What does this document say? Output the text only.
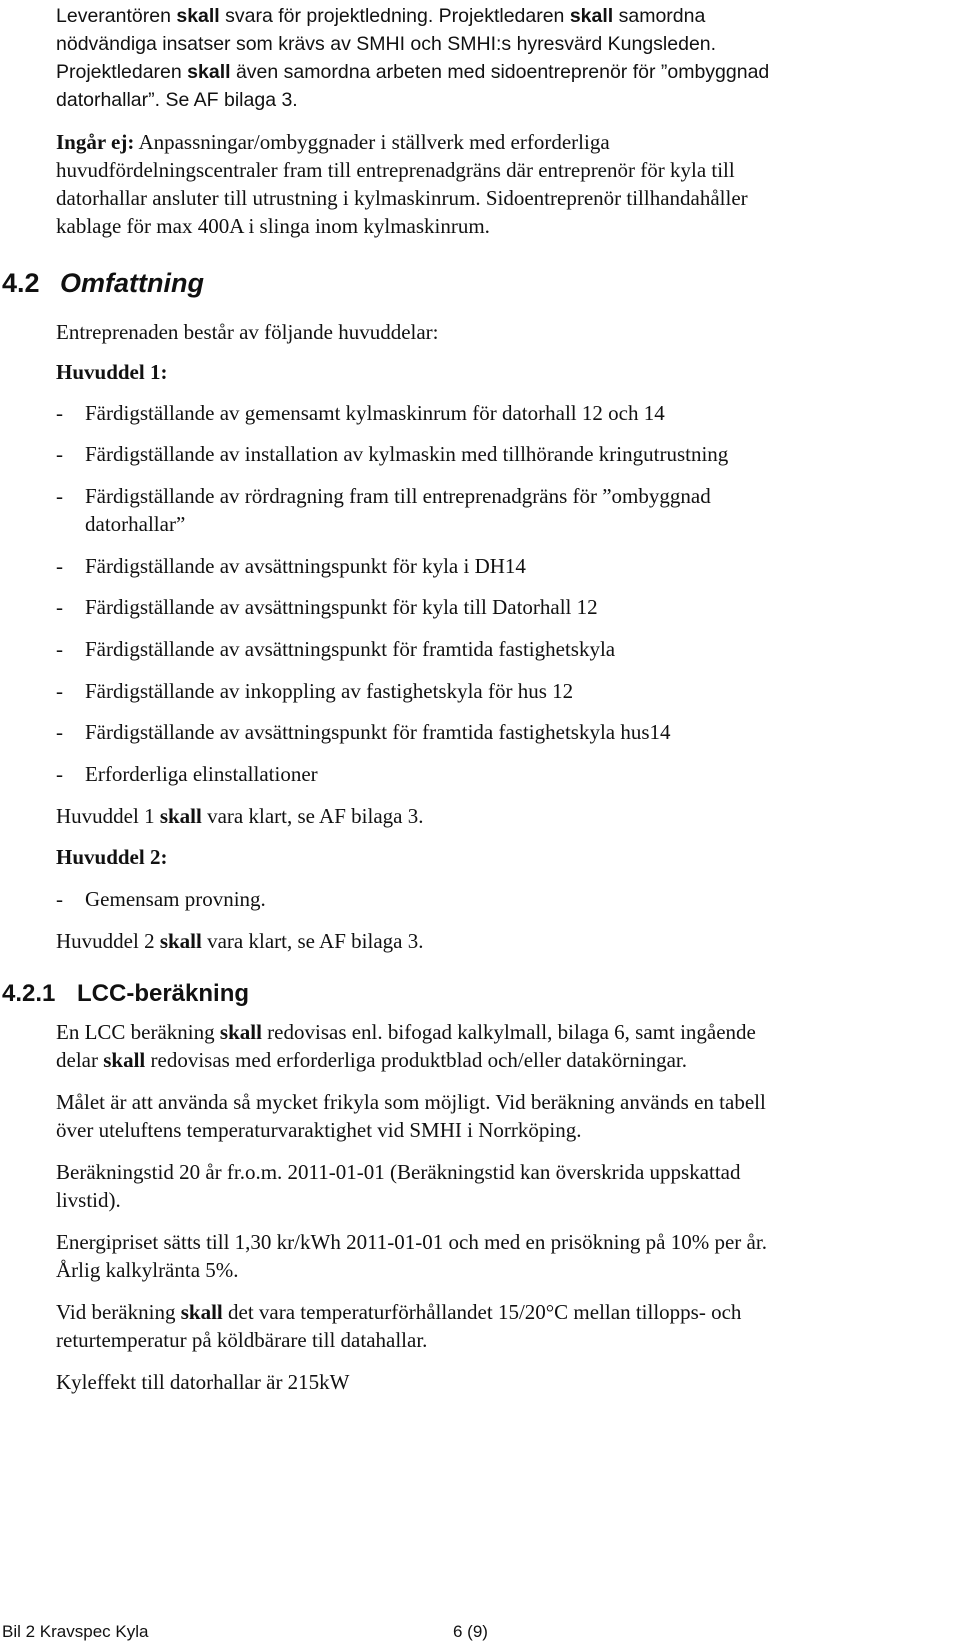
Leverantören skall svara för projektledning. Projektledaren skall samordna

nödvändiga insatser som krävs av SMHI och SMHI:s hyresvärd Kungsleden.

Projektledaren skall även samordna arbeten med sidoentreprenör för ”ombyggnad

datorhallar”. Se AF bilaga 3.

Ingår ej: Anpassningar/ombyggnader i ställverk med erforderliga

huvudfördelningscentraler fram till entreprenadgräns där entreprenör för kyla till

datorhallar ansluter till utrustning i kylmaskinrum. Sidoentreprenör tillhandahåller

kablage för max 400A i slinga inom kylmaskinrum.

4.2 Omfattning

Entreprenaden består av följande huvuddelar:

Huvuddel 1:

- Färdigställande av gemensamt kylmaskinrum för datorhall 12 och 14

- Färdigställande av installation av kylmaskin med tillhörande kringutrustning

- Färdigställande av rördragning fram till entreprenadgräns för ”ombyggnad

datorhallar”

- Färdigställande av avsättningspunkt för kyla i DH14

- Färdigställande av avsättningspunkt för kyla till Datorhall 12

- Färdigställande av avsättningspunkt för framtida fastighetskyla

- Färdigställande av inkoppling av fastighetskyla för hus 12

- Färdigställande av avsättningspunkt för framtida fastighetskyla hus14

- Erforderliga elinstallationer

Huvuddel 1 skall vara klart, se AF bilaga 3.

Huvuddel 2:

- Gemensam provning.

Huvuddel 2 skall vara klart, se AF bilaga 3.

4.2.1 LCC-beräkning

En LCC beräkning skall redovisas enl. bifogad kalkylmall, bilaga 6, samt ingående

delar skall redovisas med erforderliga produktblad och/eller datakörningar.

Målet är att använda så mycket frikyla som möjligt. Vid beräkning används en tabell

över uteluftens temperaturvaraktighet vid SMHI i Norrköping.

Beräkningstid 20 år fr.o.m. 2011-01-01 (Beräkningstid kan överskrida uppskattad

livstid).

Energipriset sätts till 1,30 kr/kWh 2011-01-01 och med en prisökning på 10% per år.

Årlig kalkylränta 5%.

Vid beräkning skall det vara temperaturförhållandet 15/20°C mellan tillopps- och

returtemperatur på köldbärare till datahallar.

Kyleffekt till datorhallar är 215kW

Bil 2 Kravspec Kyla	6 (9)
